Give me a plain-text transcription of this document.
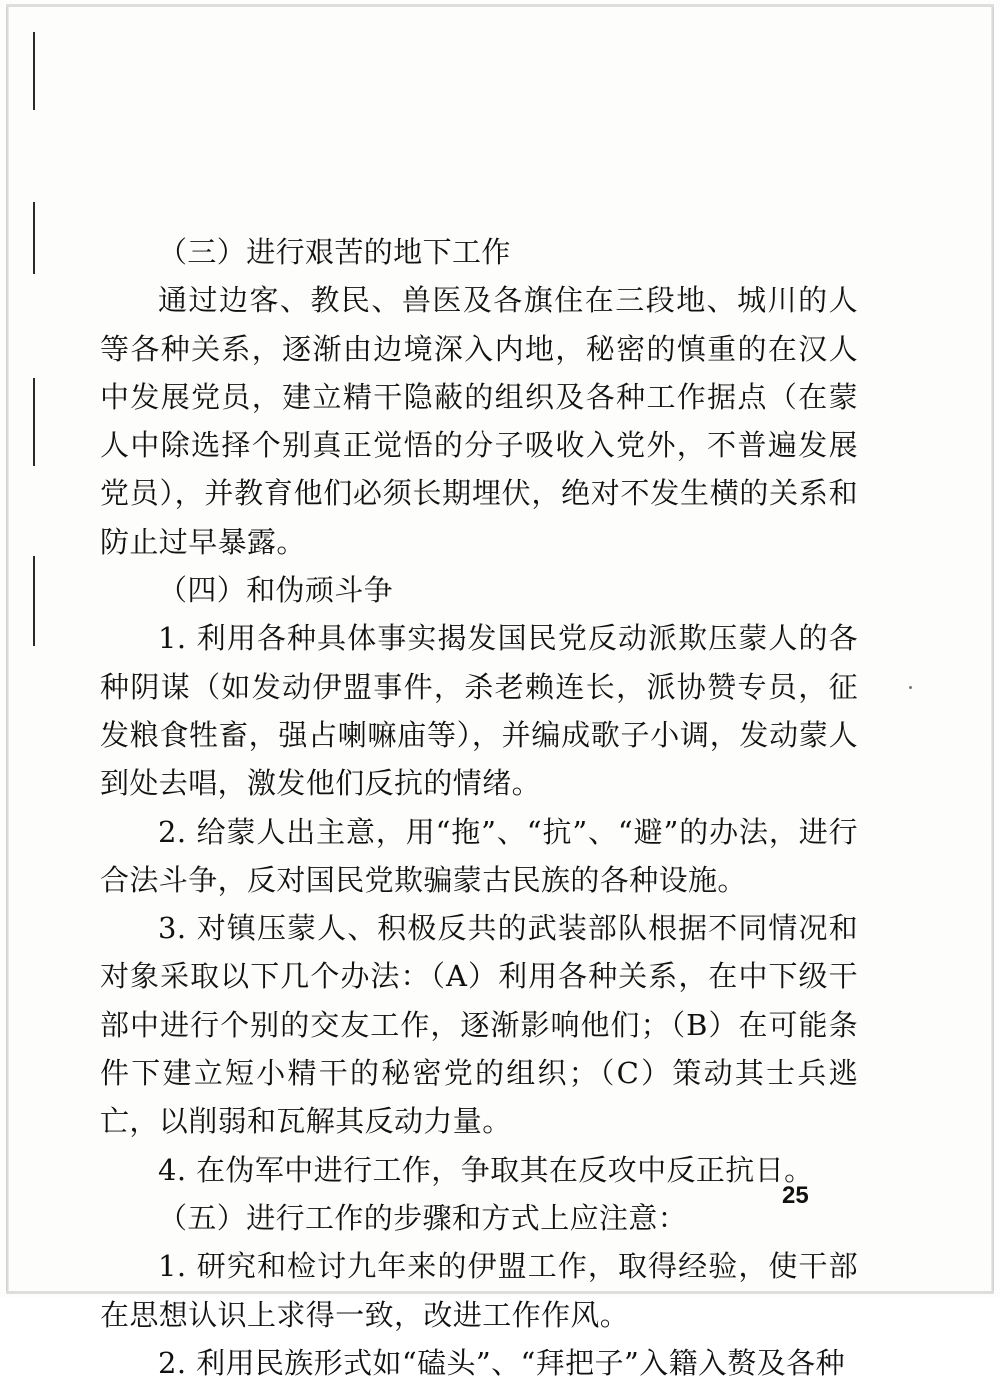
（三）进行艰苦的地下工作

通过边客、教民、兽医及各旗住在三段地、城川的人等各种关系，逐渐由边境深入内地，秘密的慎重的在汉人中发展党员，建立精干隐蔽的组织及各种工作据点（在蒙人中除选择个别真正觉悟的分子吸收入党外，不普遍发展党员），并教育他们必须长期埋伏，绝对不发生横的关系和防止过早暴露。

（四）和伪顽斗争

1. 利用各种具体事实揭发国民党反动派欺压蒙人的各种阴谋（如发动伊盟事件，杀老赖连长，派协赞专员，征发粮食牲畜，强占喇嘛庙等），并编成歌子小调，发动蒙人到处去唱，激发他们反抗的情绪。

2. 给蒙人出主意，用“拖”、“抗”、“避”的办法，进行合法斗争，反对国民党欺骗蒙古民族的各种设施。

3. 对镇压蒙人、积极反共的武装部队根据不同情况和对象采取以下几个办法：（A）利用各种关系，在中下级干部中进行个别的交友工作，逐渐影响他们；（B）在可能条件下建立短小精干的秘密党的组织；（C）策动其士兵逃亡，以削弱和瓦解其反动力量。

4. 在伪军中进行工作，争取其在反攻中反正抗日。

（五）进行工作的步骤和方式上应注意：

1. 研究和检讨九年来的伊盟工作，取得经验，使干部在思想认识上求得一致，改进工作作风。

2. 利用民族形式如“磕头”、“拜把子”入籍入赘及各种

25
